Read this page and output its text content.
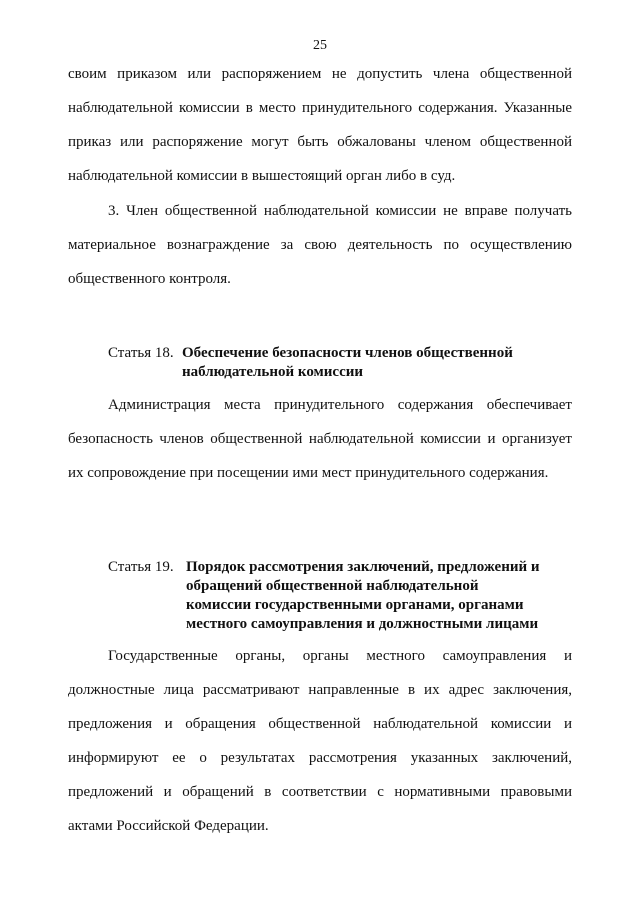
25

своим приказом или распоряжением не допустить члена общественной наблюдательной комиссии в место принудительного содержания. Указанные приказ или распоряжение могут быть обжалованы членом общественной наблюдательной комиссии в вышестоящий орган либо в суд.

3. Член общественной наблюдательной комиссии не вправе получать материальное вознаграждение за свою деятельность по осуществлению общественного контроля.

Статья 18. Обеспечение безопасности членов общественной
наблюдательной комиссии

Администрация места принудительного содержания обеспечивает безопасность членов общественной наблюдательной комиссии и организует их сопровождение при посещении ими мест принудительного содержания.

Статья 19. Порядок рассмотрения заключений, предложений и
обращений общественной наблюдательной
комиссии государственными органами, органами
местного самоуправления и должностными лицами

Государственные органы, органы местного самоуправления и должностные лица рассматривают направленные в их адрес заключения, предложения и обращения общественной наблюдательной комиссии и информируют ее о результатах рассмотрения указанных заключений, предложений и обращений в соответствии с нормативными правовыми актами Российской Федерации.
